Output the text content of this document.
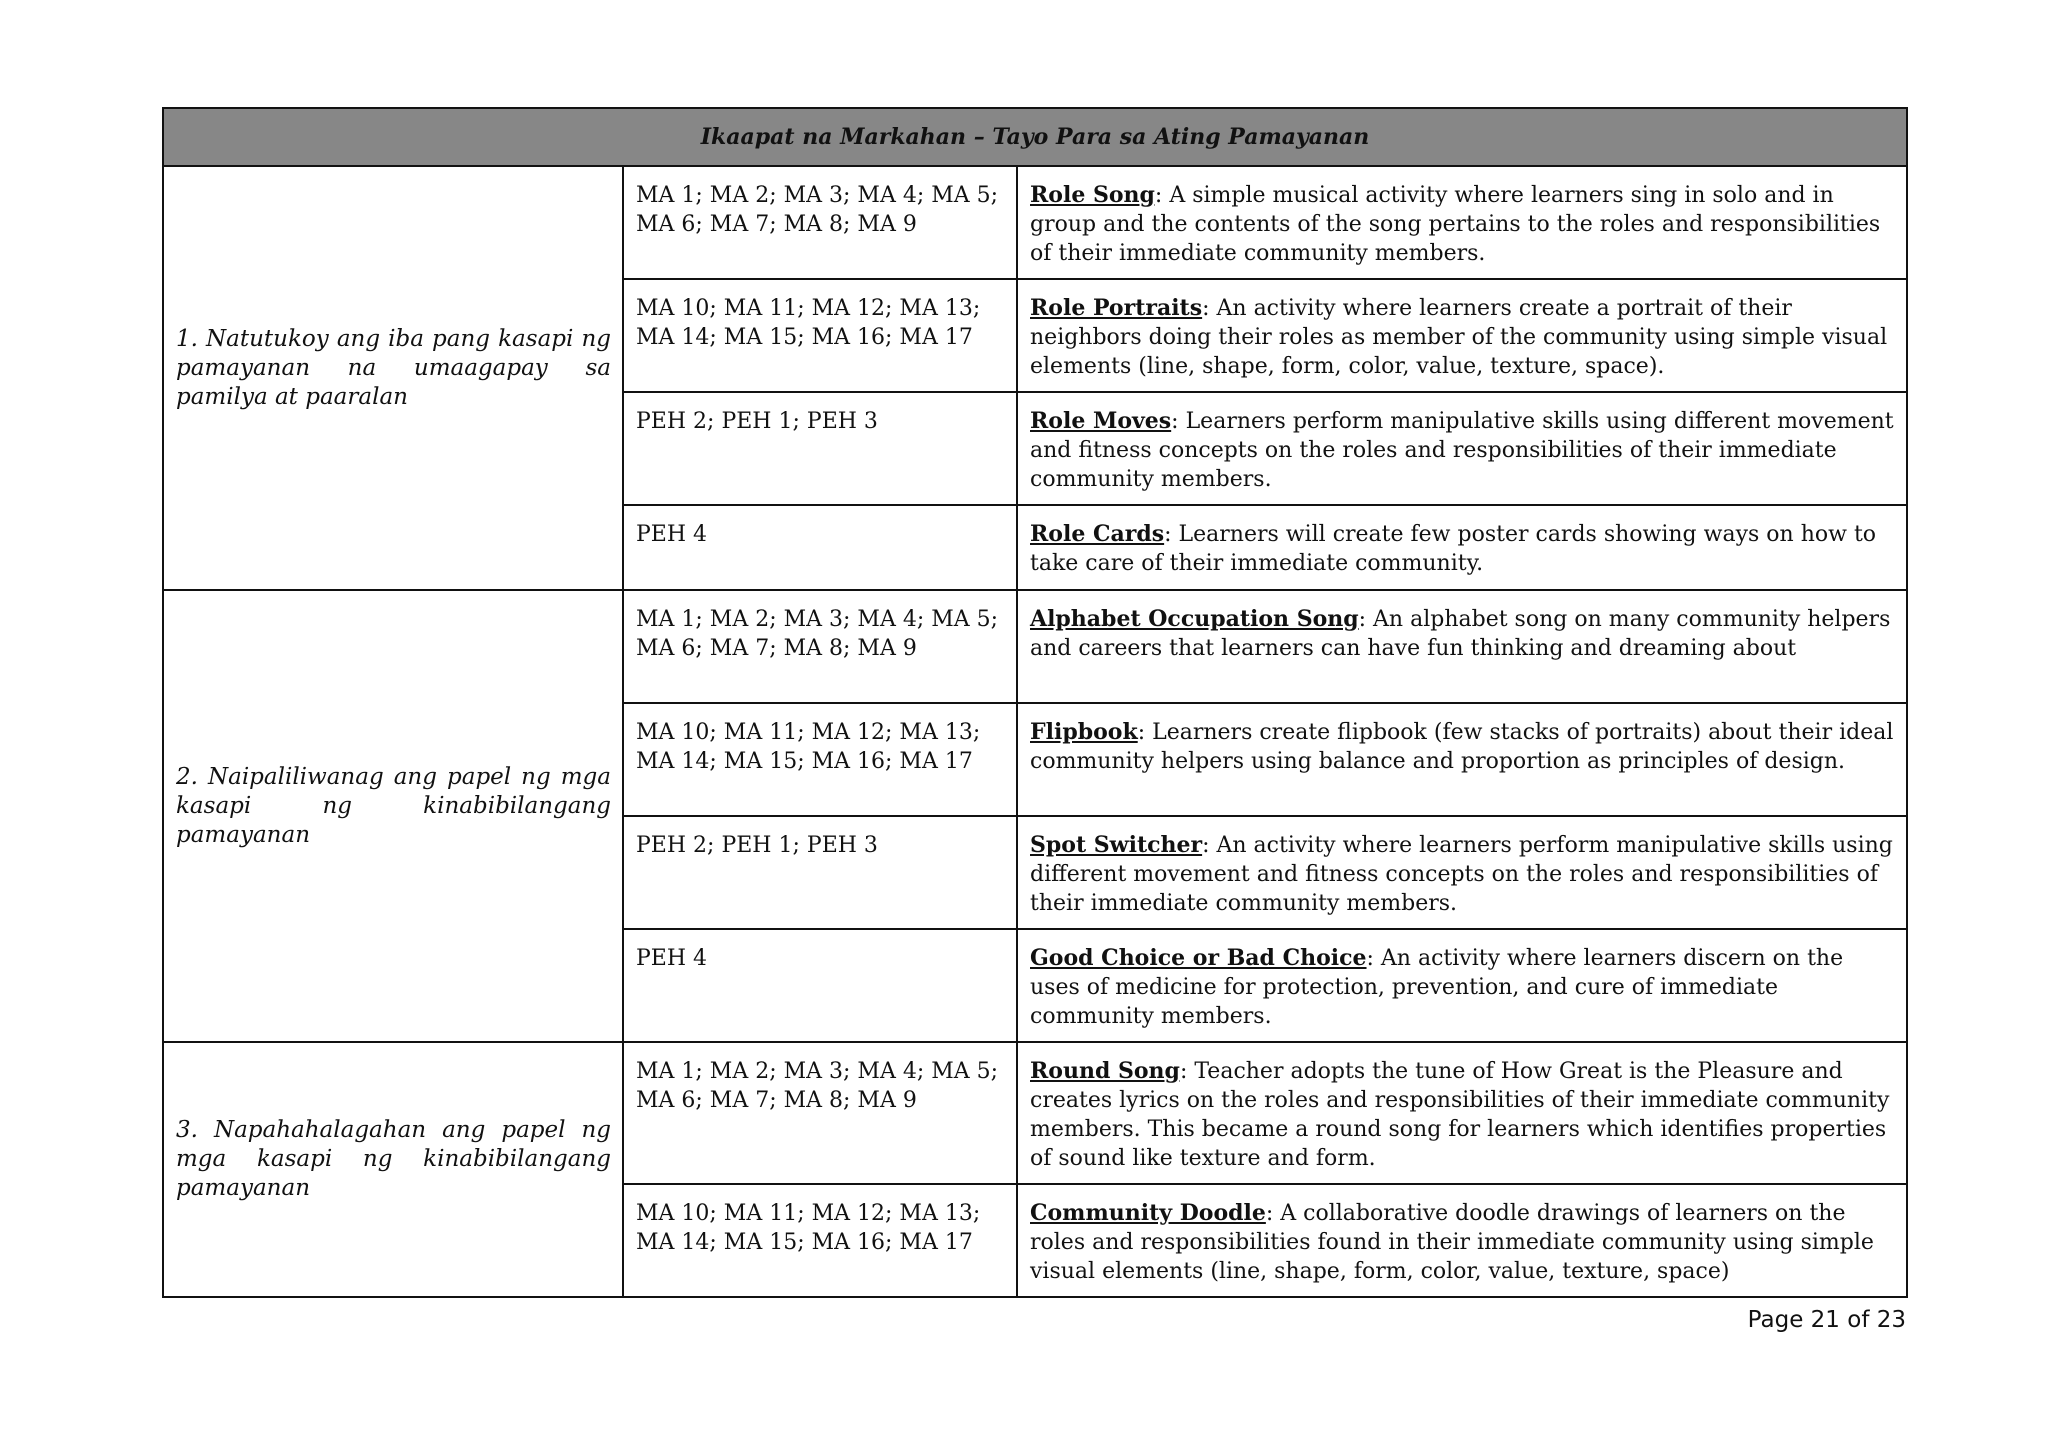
Ikaapat na Markahan – Tayo Para sa Ating Pamayanan		
1. Natutukoy ang iba pang kasapi ng pamayanan na umaagapay sa pamilya at paaralan	MA 1; MA 2; MA 3; MA 4; MA 5; MA 6; MA 7; MA 8; MA 9	Role Song: A simple musical activity where learners sing in solo and in group and the contents of the song pertains to the roles and responsibilities of their immediate community members.
	MA 10; MA 11; MA 12; MA 13; MA 14; MA 15; MA 16; MA 17	Role Portraits: An activity where learners create a portrait of their neighbors doing their roles as member of the community using simple visual elements (line, shape, form, color, value, texture, space).
	PEH 2; PEH 1; PEH 3	Role Moves: Learners perform manipulative skills using different movement and fitness concepts on the roles and responsibilities of their immediate community members.
	PEH 4	Role Cards: Learners will create few poster cards showing ways on how to take care of their immediate community.
2. Naipaliliwanag ang papel ng mga kasapi ng kinabibilangang pamayanan	MA 1; MA 2; MA 3; MA 4; MA 5; MA 6; MA 7; MA 8; MA 9	Alphabet Occupation Song: An alphabet song on many community helpers and careers that learners can have fun thinking and dreaming about
	MA 10; MA 11; MA 12; MA 13; MA 14; MA 15; MA 16; MA 17	Flipbook: Learners create flipbook (few stacks of portraits) about their ideal community helpers using balance and proportion as principles of design.
	PEH 2; PEH 1; PEH 3	Spot Switcher: An activity where learners perform manipulative skills using different movement and fitness concepts on the roles and responsibilities of their immediate community members.
	PEH 4	Good Choice or Bad Choice: An activity where learners discern on the uses of medicine for protection, prevention, and cure of immediate community members.
3. Napahahalagahan ang papel ng mga kasapi ng kinabibilangang pamayanan	MA 1; MA 2; MA 3; MA 4; MA 5; MA 6; MA 7; MA 8; MA 9	Round Song: Teacher adopts the tune of How Great is the Pleasure and creates lyrics on the roles and responsibilities of their immediate community members. This became a round song for learners which identifies properties of sound like texture and form.
	MA 10; MA 11; MA 12; MA 13; MA 14; MA 15; MA 16; MA 17	Community Doodle: A collaborative doodle drawings of learners on the roles and responsibilities found in their immediate community using simple visual elements (line, shape, form, color, value, texture, space)
Page 21 of 23
